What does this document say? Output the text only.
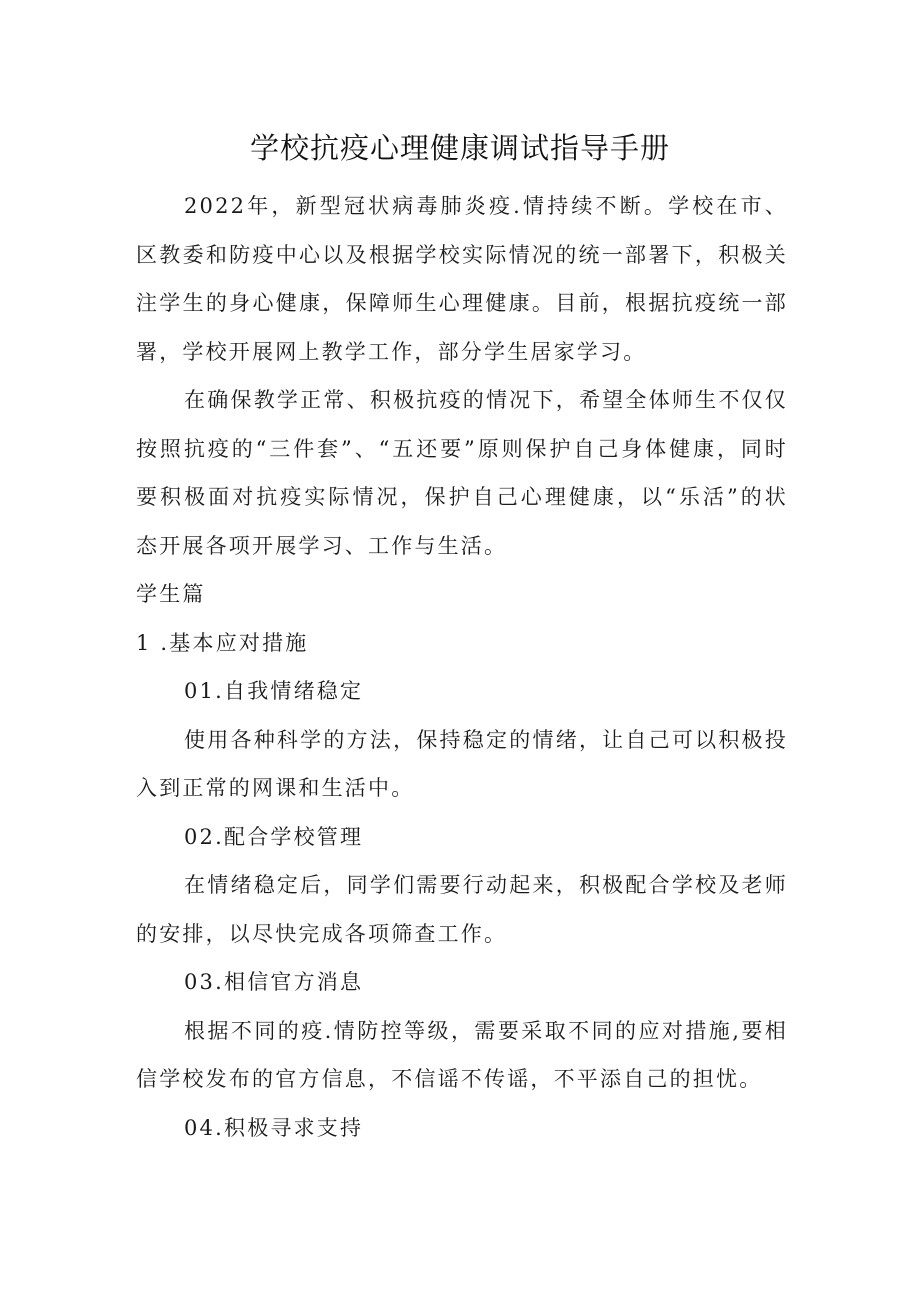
学校抗疫心理健康调试指导手册

2022年，新型冠状病毒肺炎疫.情持续不断。学校在市、区教委和防疫中心以及根据学校实际情况的统一部署下，积极关注学生的身心健康，保障师生心理健康。目前，根据抗疫统一部署，学校开展网上教学工作，部分学生居家学习。

在确保教学正常、积极抗疫的情况下，希望全体师生不仅仅按照抗疫的“三件套”、“五还要”原则保护自己身体健康，同时要积极面对抗疫实际情况，保护自己心理健康，以“乐活”的状态开展各项开展学习、工作与生活。

学生篇

1 .基本应对措施

01.自我情绪稳定

使用各种科学的方法，保持稳定的情绪，让自己可以积极投入到正常的网课和生活中。

02.配合学校管理

在情绪稳定后，同学们需要行动起来，积极配合学校及老师的安排，以尽快完成各项筛查工作。

03.相信官方消息

根据不同的疫.情防控等级，需要采取不同的应对措施,要相信学校发布的官方信息，不信谣不传谣，不平添自己的担忧。

04.积极寻求支持
